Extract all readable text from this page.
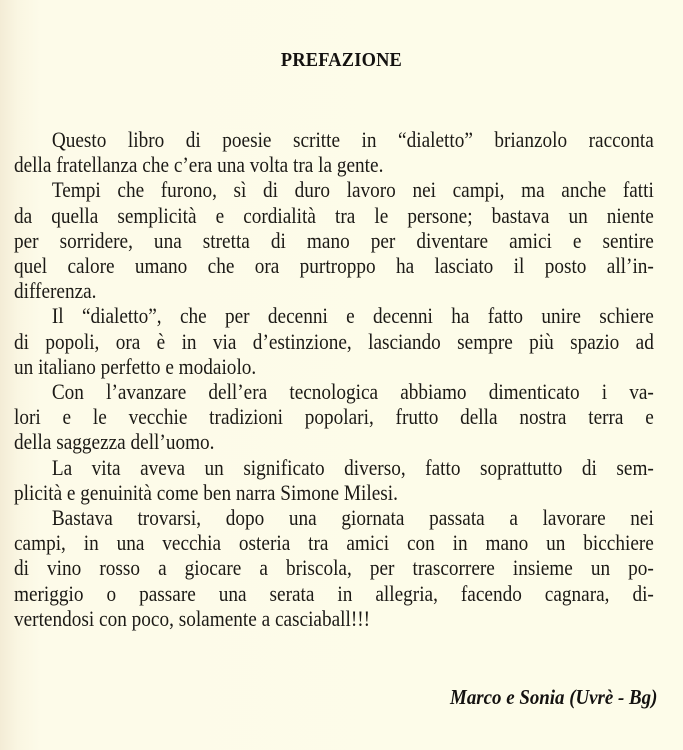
PREFAZIONE
Questo libro di poesie scritte in “dialetto” brianzolo racconta
della fratellanza che c’era una volta tra la gente.
Tempi che furono, sì di duro lavoro nei campi, ma anche fatti
da quella semplicità e cordialità tra le persone; bastava un niente
per sorridere, una stretta di mano per diventare amici e sentire
quel calore umano che ora purtroppo ha lasciato il posto all’in-
differenza.
Il “dialetto”, che per decenni e decenni ha fatto unire schiere
di popoli, ora è in via d’estinzione, lasciando sempre più spazio ad
un italiano perfetto e modaiolo.
Con l’avanzare dell’era tecnologica abbiamo dimenticato i va-
lori e le vecchie tradizioni popolari, frutto della nostra terra e
della saggezza dell’uomo.
La vita aveva un significato diverso, fatto soprattutto di sem-
plicità e genuinità come ben narra Simone Milesi.
Bastava trovarsi, dopo una giornata passata a lavorare nei
campi, in una vecchia osteria tra amici con in mano un bicchiere
di vino rosso a giocare a briscola, per trascorrere insieme un po-
meriggio o passare una serata in allegria, facendo cagnara, di-
vertendosi con poco, solamente a casciaball!!!

Marco e Sonia (Uvrè - Bg)
